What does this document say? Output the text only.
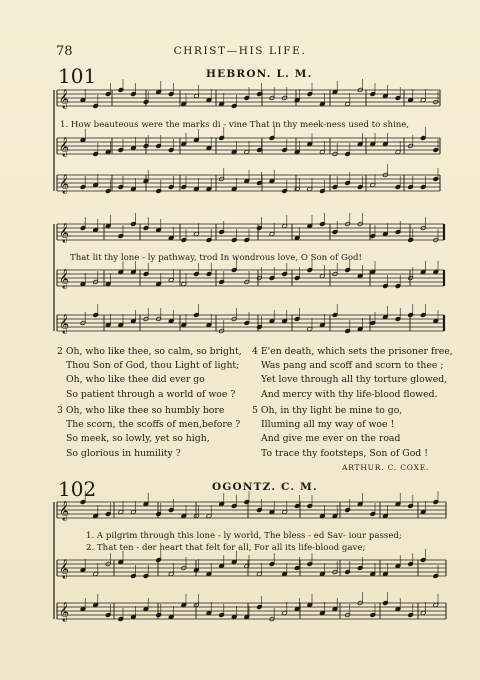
𝄞
𝄞
𝄞
𝄞
𝄞
𝄞
𝄞
𝄞
𝄞
78	CHRIST—HIS LIFE.
101	HEBRON. L. M.
1. How beauteous were the marks di - vine That in thy meek-ness used to shine,
That lit thy lone - ly pathway, trod In wondrous love, O Son of God!
2 Oh, who like thee, so calm, so bright,
Thou Son of God, thou Light of light;
Oh, who like thee did ever go
So patient through a world of woe ?
3 Oh, who like thee so humbly bore
The scorn, the scoffs of men,before ?
So meek, so lowly, yet so high,
So glorious in humility ?
4 E'en death, which sets the prisoner free,
Was pang and scoff and scorn to thee ;
Yet love through all thy torture glowed,
And mercy with thy life-blood flowed.
5 Oh, in thy light be mine to go,
Illuming all my way of woe !
And give me ever on the road
To trace thy footsteps, Son of God !
ARTHUR. C. COXE.
102	OGONTZ. C. M.
1. A pilgrim through this lone - ly world, The bless - ed Sav- iour passed;
2. That ten - der heart that felt for all, For all its life-blood gave;
